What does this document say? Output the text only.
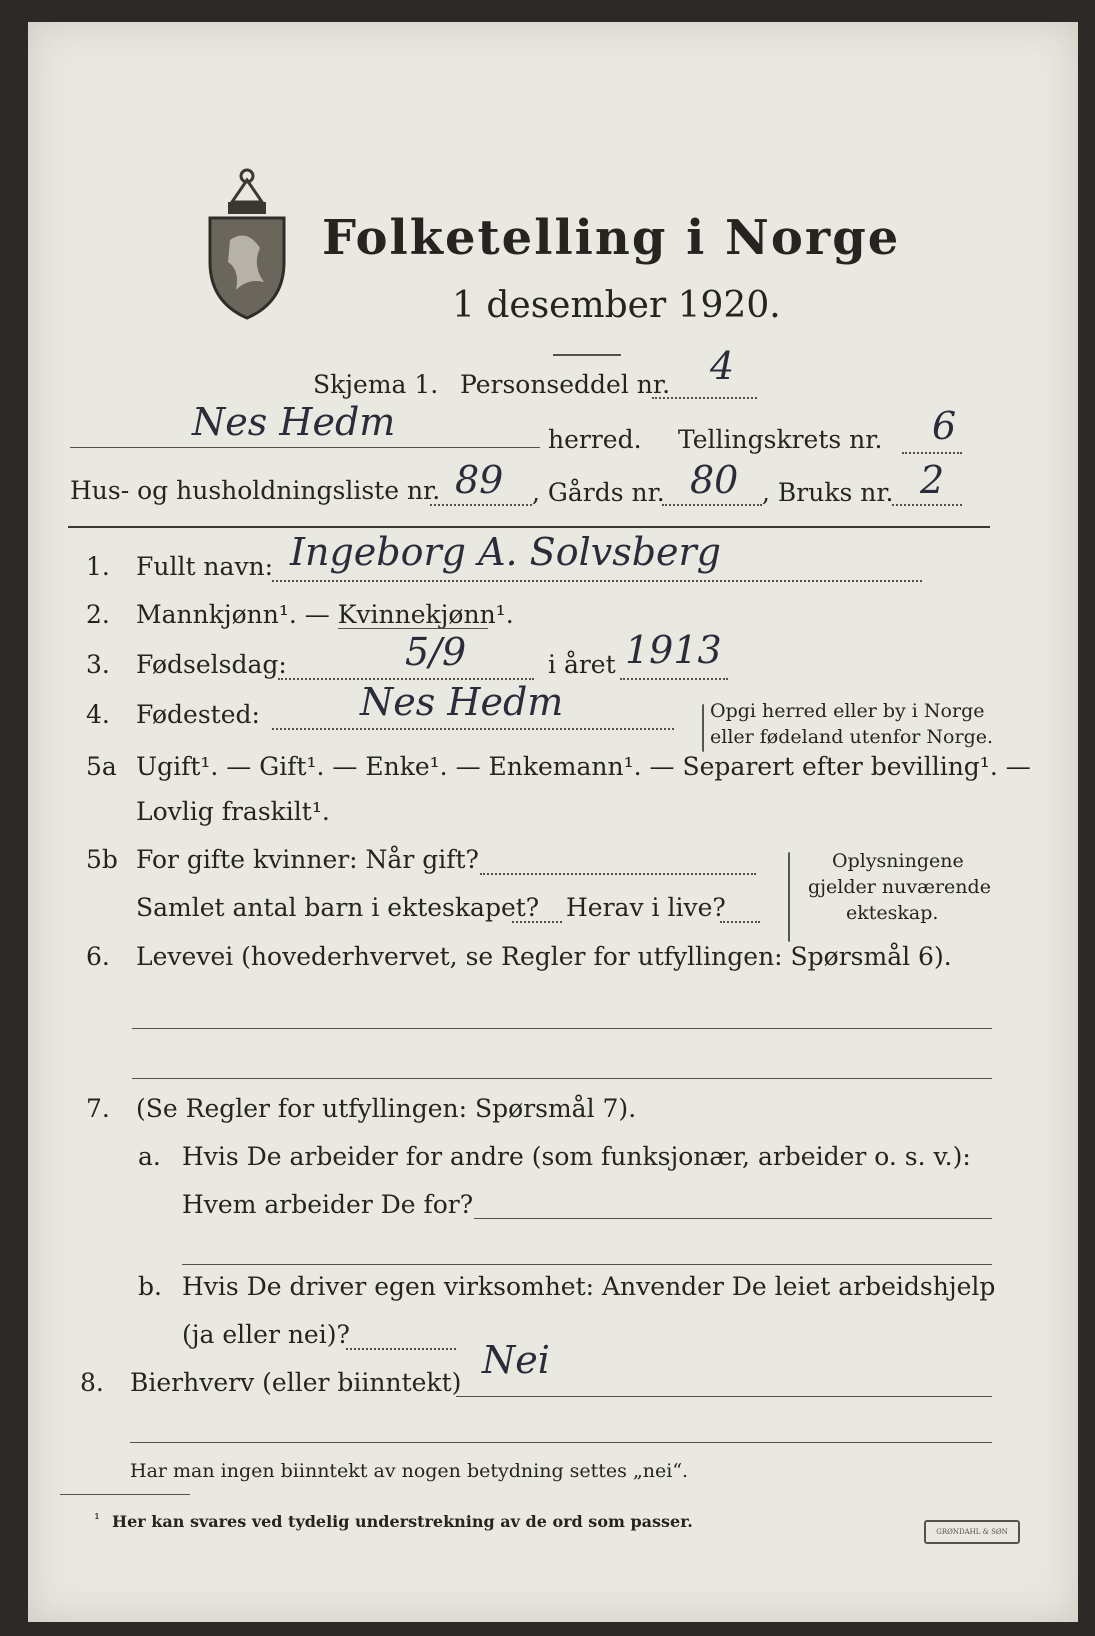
Folketelling i Norge
1 desember 1920.
Skjema 1. Personseddel nr. 4
Nes Hedm	herred. Tellingskrets nr. 6
Hus- og husholdningsliste nr. 89 , Gårds nr. 80 , Bruks nr. 2
1. Fullt navn: Ingeborg A. Solvsberg
2. Mannkjønn¹. — Kvinnekjønn¹.
3. Fødselsdag:	5/9	i året 1913
4. Fødested:	Nes Hedm	Opgi herred eller by i Norge
eller fødeland utenfor Norge.
5a Ugift¹. — Gift¹. — Enke¹. — Enkemann¹. — Separert efter bevilling¹. —
Lovlig fraskilt¹.
5b For gifte kvinner: Når gift?
Samlet antal barn i ekteskapet? Herav i live?
Oplysningene
gjelder nuværende
ekteskap.
6. Levevei (hovederhvervet, se Regler for utfyllingen: Spørsmål 6).
7. (Se Regler for utfyllingen: Spørsmål 7).
a. Hvis De arbeider for andre (som funksjonær, arbeider o. s. v.):
Hvem arbeider De for?
b. Hvis De driver egen virksomhet: Anvender De leiet arbeidshjelp
(ja eller nei)?
8. Bierhverv (eller biinntekt)
Nei
Har man ingen biinntekt av nogen betydning settes „nei“.
¹ Her kan svares ved tydelig understrekning av de ord som passer.
GRØNDAHL & SØN
